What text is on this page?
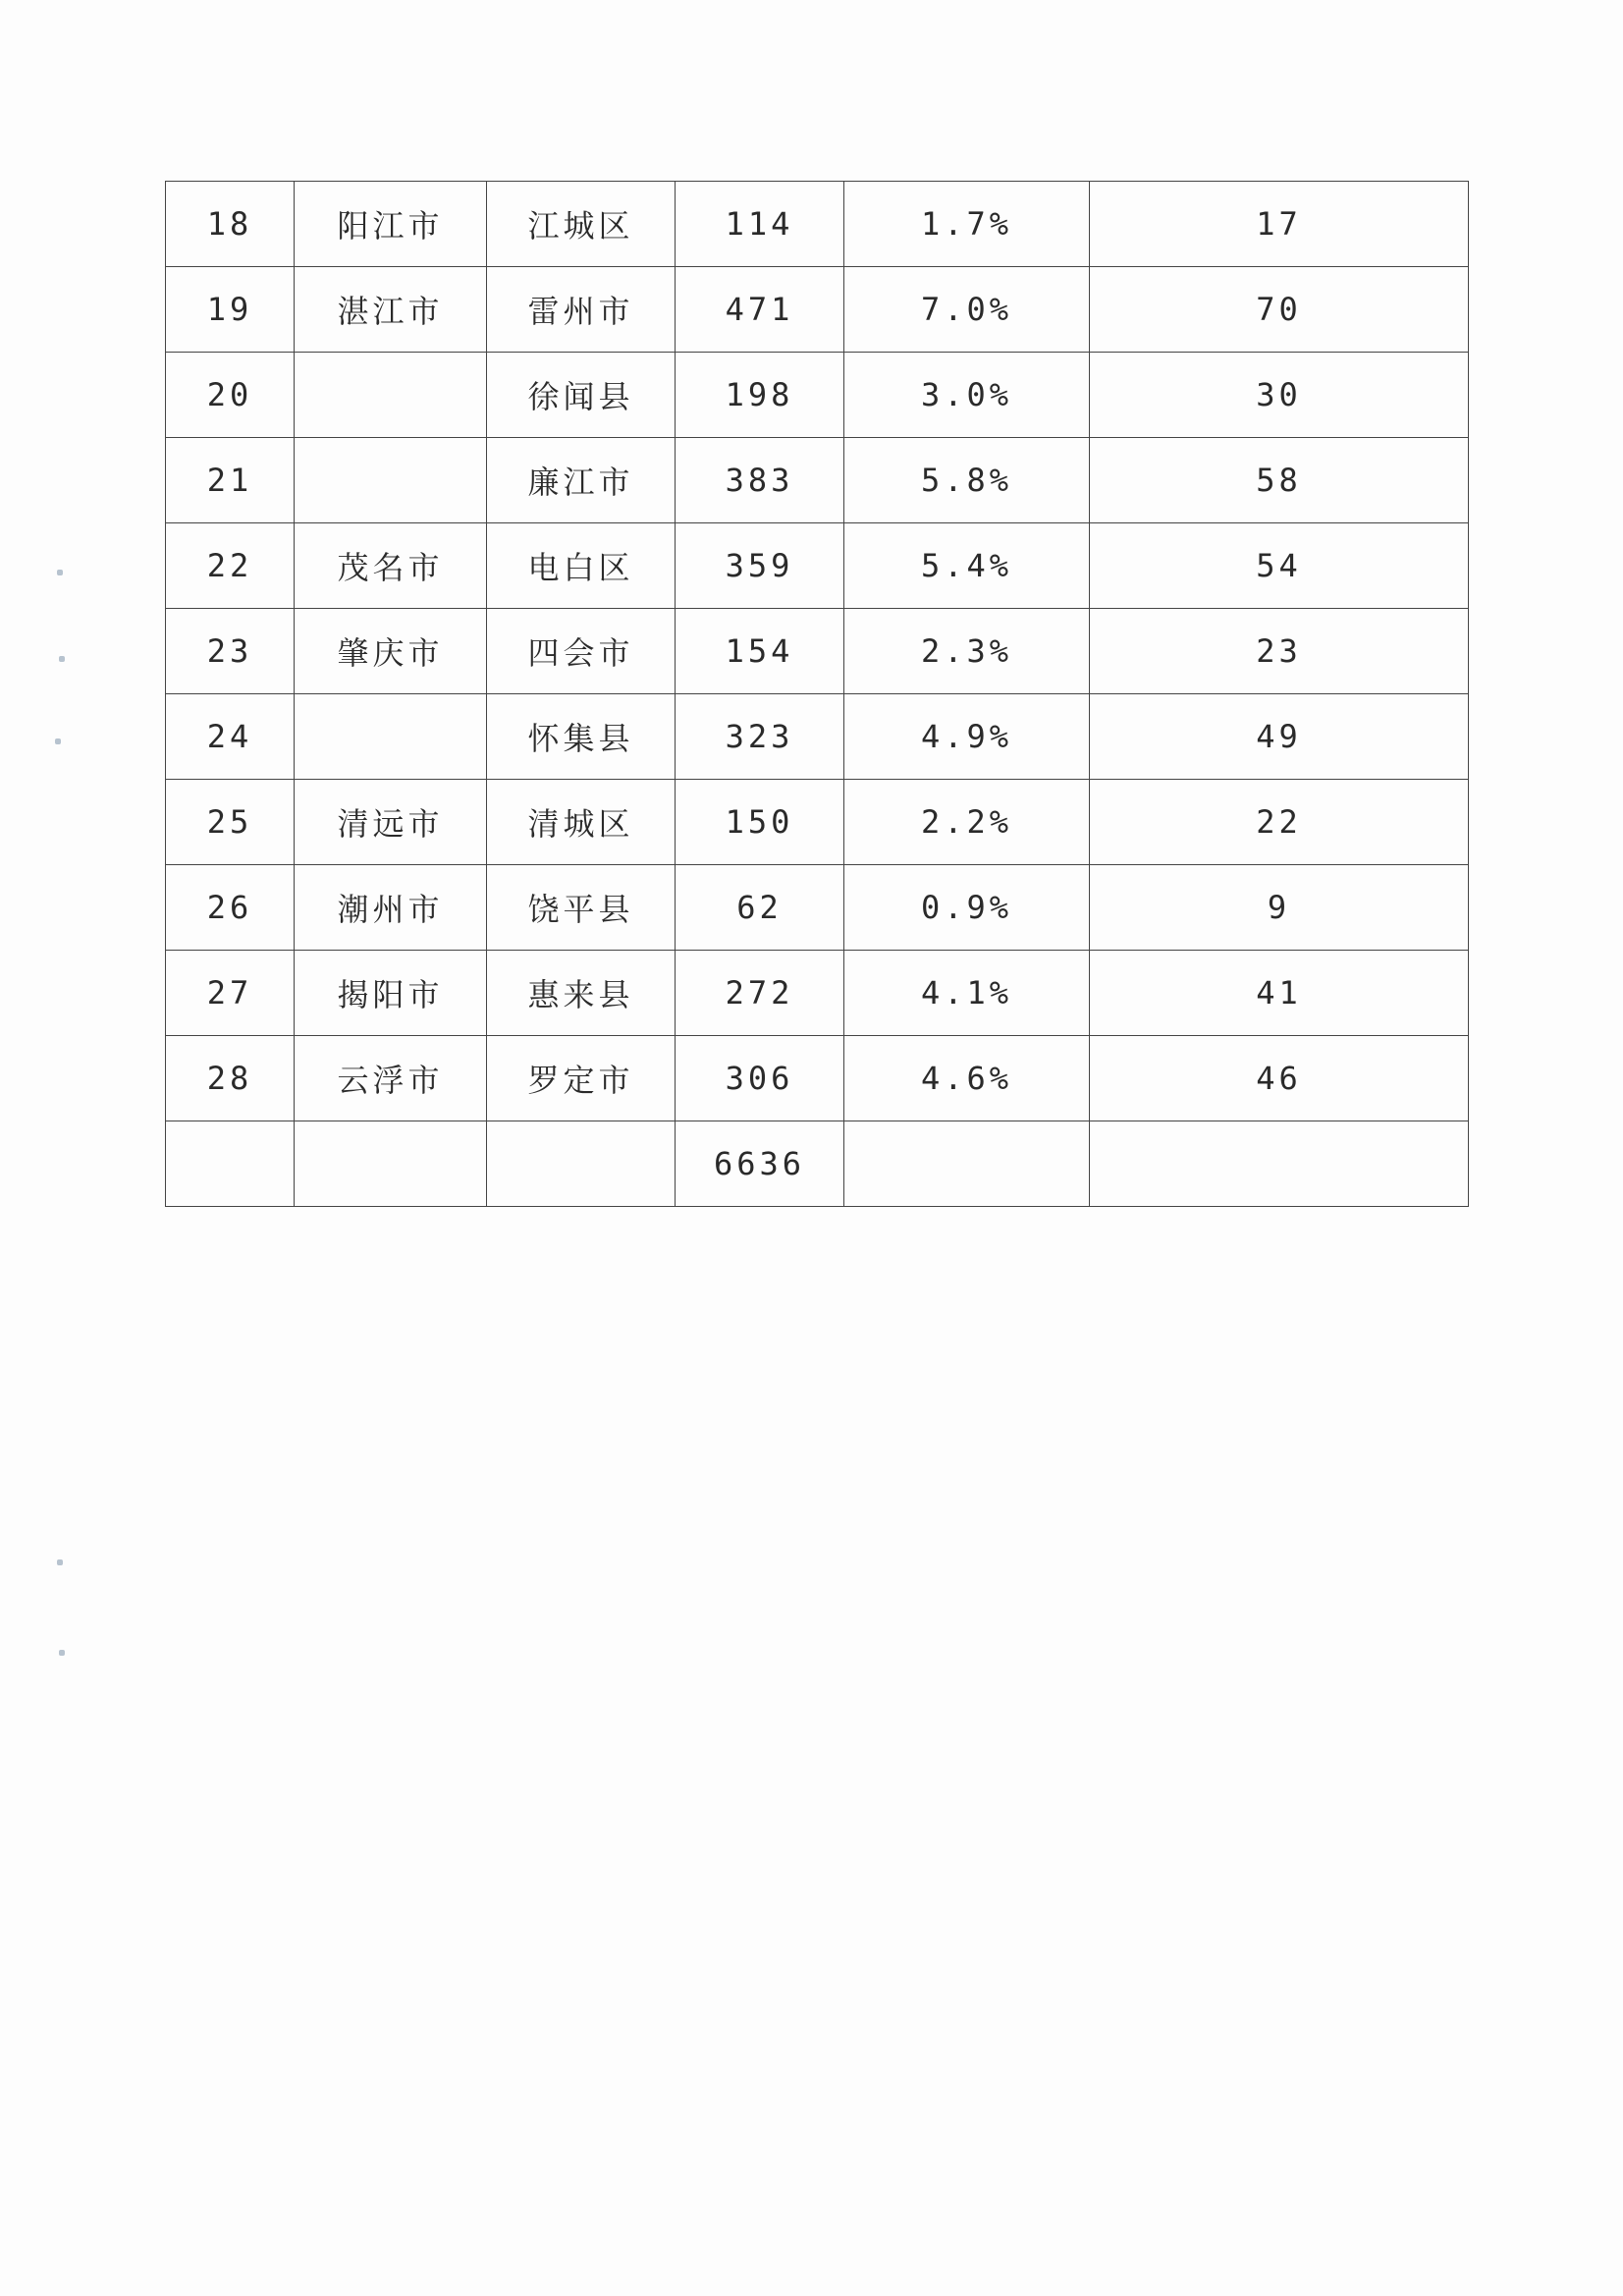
18	阳江市	江城区	114	1.7%	17
19	湛江市	雷州市	471	7.0%	70
20		徐闻县	198	3.0%	30
21		廉江市	383	5.8%	58
22	茂名市	电白区	359	5.4%	54
23	肇庆市	四会市	154	2.3%	23
24		怀集县	323	4.9%	49
25	清远市	清城区	150	2.2%	22
26	潮州市	饶平县	62	0.9%	9
27	揭阳市	惠来县	272	4.1%	41
28	云浮市	罗定市	306	4.6%	46
			6636		
